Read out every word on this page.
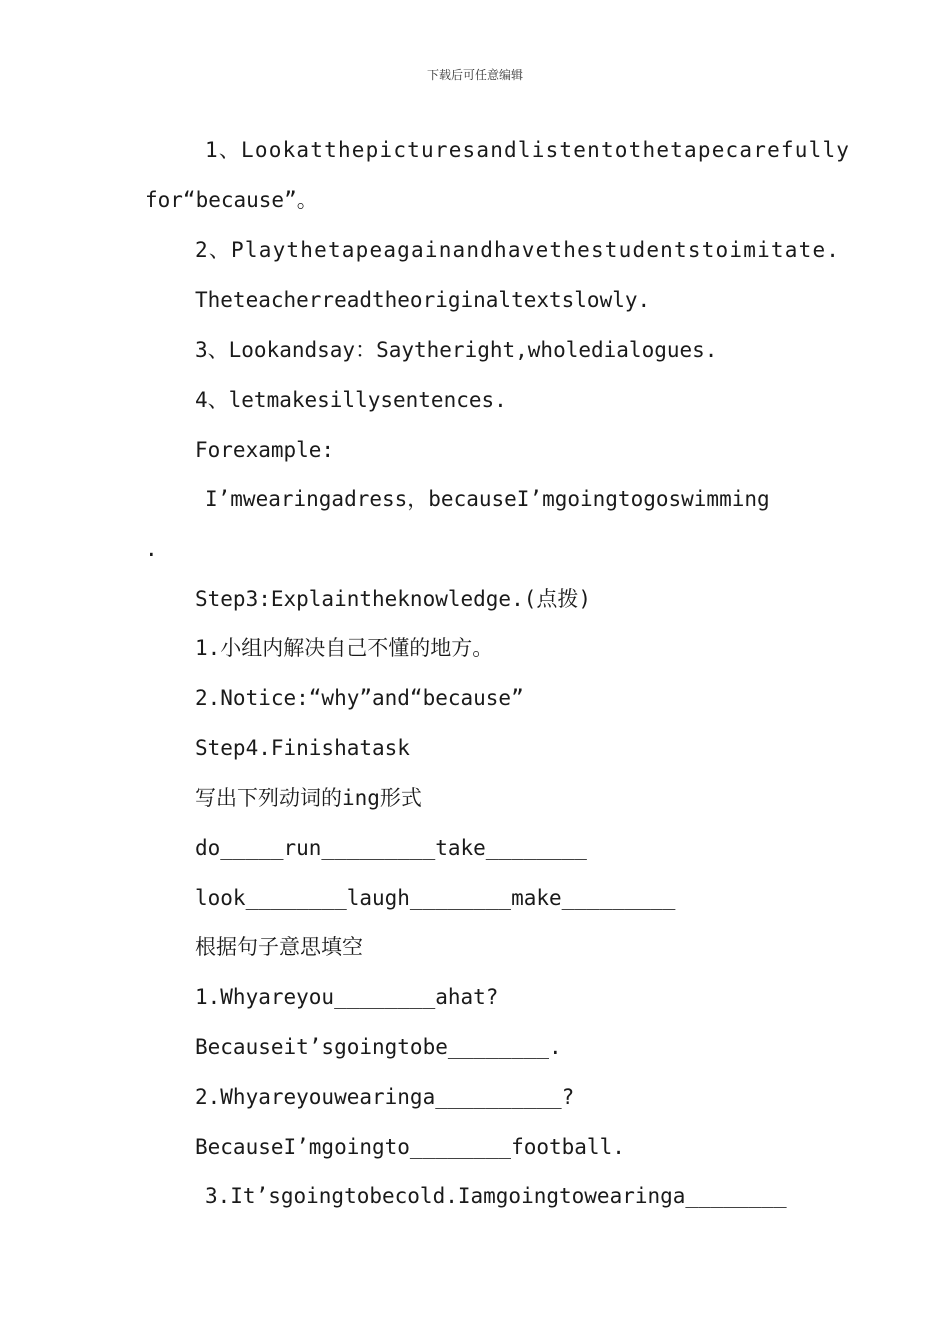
下载后可任意编辑
1、Lookatthepicturesandlistentothetapecarefully
for“because”。
2、Playthetapeagainandhavethestudentstoimitate.
Theteacherreadtheoriginaltextslowly.
3、Lookandsay：Saytheright,wholedialogues.
4、letmakesillysentences.
Forexample:
I’mwearingadress，becauseI’mgoingtogoswimming
.
Step3:Explaintheknowledge.(点拨)
1.小组内解决自己不懂的地方。
2.Notice:“why”and“because”
Step4.Finishatask
写出下列动词的ing形式
do_____run_________take________
look________laugh________make_________
根据句子意思填空
1.Whyareyou________ahat?
Becauseit’sgoingtobe________.
2.Whyareyouwearinga__________?
BecauseI’mgoingto________football.
3.It’sgoingtobecold.Iamgoingtowearinga________
